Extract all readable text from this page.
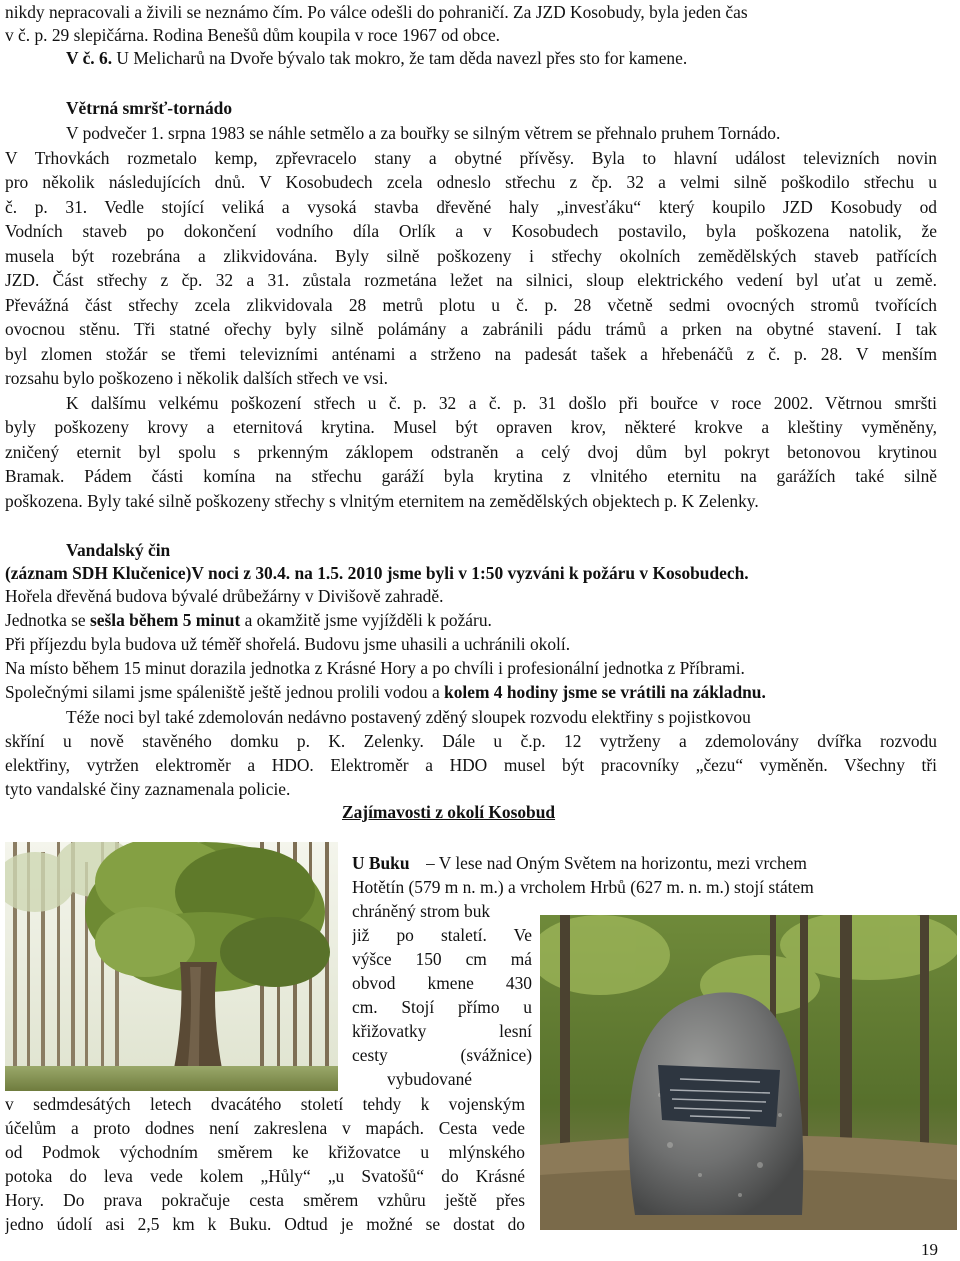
nikdy nepracovali a živili se neznámo čím. Po válce odešli do pohraničí. Za JZD Kosobudy, byla jeden čas
v č. p. 29 slepičárna. Rodina Benešů dům koupila v roce 1967 od obce.
V č. 6. U Melicharů na Dvoře bývalo tak mokro, že tam děda navezl přes sto for kamene.
Větrná smršť-tornádo
V podvečer 1. srpna 1983 se náhle setmělo a za bouřky se silným větrem se přehnalo pruhem Tornádo.
V Trhovkách rozmetalo kemp, zpřevracelo stany a obytné přívěsy. Byla to hlavní událost televizních novin
pro několik následujících dnů. V Kosobudech zcela odneslo střechu z čp. 32 a velmi silně poškodilo střechu u
č. p. 31. Vedle stojící veliká a vysoká stavba dřevěné haly „invesťáku“ který koupilo JZD Kosobudy od
Vodních staveb po dokončení vodního díla Orlík a v Kosobudech postavilo, byla poškozena natolik, že
musela být rozebrána a zlikvidována. Byly silně poškozeny i střechy okolních zemědělských staveb patřících
JZD. Část střechy z čp. 32 a 31. zůstala rozmetána ležet na silnici, sloup elektrického vedení byl uťat u země.
Převážná část střechy zcela zlikvidovala 28 metrů plotu u č. p. 28 včetně sedmi ovocných stromů tvořících
ovocnou stěnu. Tři statné ořechy byly silně polámány a zabránili pádu trámů a prken na obytné stavení. I tak
byl zlomen stožár se třemi televizními anténami a strženo na padesát tašek a hřebenáčů z č. p. 28. V menším
rozsahu bylo poškozeno i několik dalších střech ve vsi.
K dalšímu velkému poškození střech u č. p. 32 a č. p. 31 došlo při bouřce v roce 2002. Větrnou smršti
byly poškozeny krovy a eternitová krytina. Musel být opraven krov, některé krokve a kleštiny vyměněny,
zničený eternit byl spolu s prkenným záklopem odstraněn a celý dvoj dům byl pokryt betonovou krytinou
Bramak. Pádem části komína na střechu garáží byla krytina z vlnitého eternitu na garážích také silně
poškozena. Byly také silně poškozeny střechy s vlnitým eternitem na zemědělských objektech p. K Zelenky.
Vandalský čin
(záznam SDH Klučenice)V noci z 30.4. na 1.5. 2010 jsme byli v 1:50 vyzváni k požáru v Kosobudech.
Hořela dřevěná budova bývalé drůbežárny v Divišově zahradě.
Jednotka se sešla během 5 minut a okamžitě jsme vyjížděli k požáru.
Při příjezdu byla budova už téměř shořelá. Budovu jsme uhasili a uchránili okolí.
Na místo během 15 minut dorazila jednotka z Krásné Hory a po chvíli i profesionální jednotka z Příbrami.
Společnými silami jsme spáleniště ještě jednou prolili vodou a kolem 4 hodiny jsme se vrátili na základnu.
Téže noci byl také zdemolován nedávno postavený zděný sloupek rozvodu elektřiny s pojistkovou
skříní u nově stavěného domku p. K. Zelenky. Dále u č.p. 12 vytrženy a zdemolovány dvířka rozvodu
elektřiny, vytržen elektroměr a HDO. Elektroměr a HDO musel být pracovníky „čezu“ vyměněn. Všechny tři
tyto vandalské činy zaznamenala policie.
Zajímavosti z okolí Kosobud
U Buku – V lese nad Oným Světem na horizontu, mezi vrchem
Hotětín (579 m n. m.) a vrcholem Hrbů (627 m. n. m.) stojí státem
chráněný strom buk
již po staletí. Ve
výšce 150 cm má
obvod kmene 430
cm. Stojí přímo u
křižovatky lesní
cesty (svážnice)
vybudované
v sedmdesátých letech dvacátého století tehdy k vojenským
účelům a proto dodnes není zakreslena v mapách. Cesta vede
od Podmok východním směrem ke křižovatce u mlýnského
potoka do leva vede kolem „Hůly“ „u Svatošů“ do Krásné
Hory. Do prava pokračuje cesta směrem vzhůru ještě přes
jedno údolí asi 2,5 km k Buku. Odtud je možné se dostat do
19
